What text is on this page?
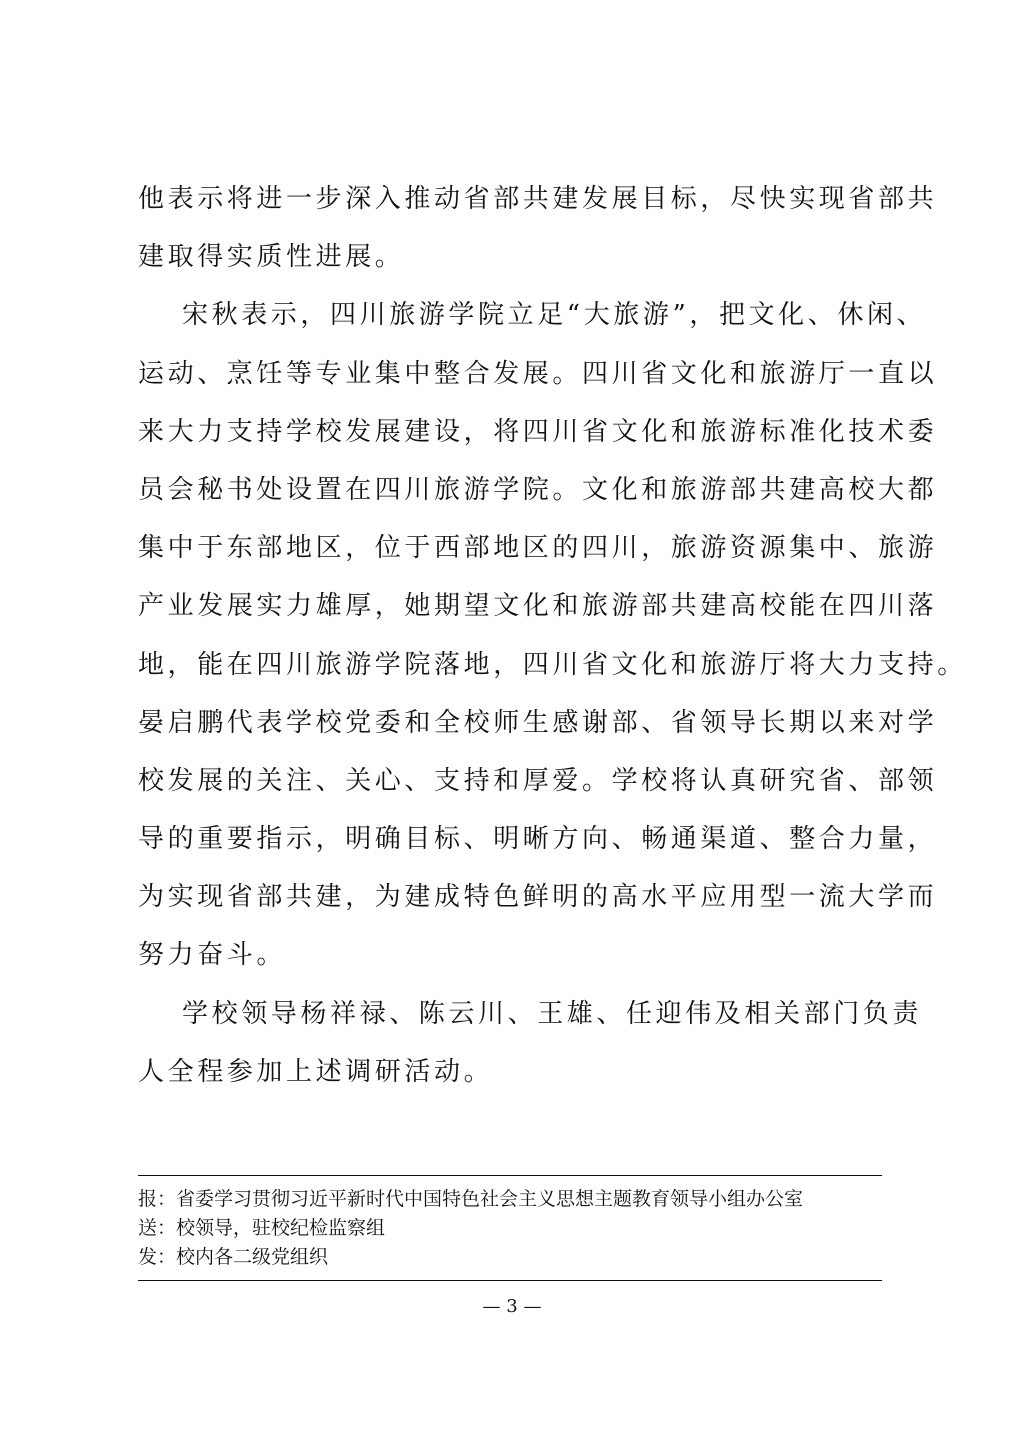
他表示将进一步深入推动省部共建发展目标，尽快实现省部共
建取得实质性进展。
宋秋表示，四川旅游学院立足“大旅游”，把文化、休闲、
运动、烹饪等专业集中整合发展。四川省文化和旅游厅一直以
来大力支持学校发展建设，将四川省文化和旅游标准化技术委
员会秘书处设置在四川旅游学院。文化和旅游部共建高校大都
集中于东部地区，位于西部地区的四川，旅游资源集中、旅游
产业发展实力雄厚，她期望文化和旅游部共建高校能在四川落
地，能在四川旅游学院落地，四川省文化和旅游厅将大力支持。
晏启鹏代表学校党委和全校师生感谢部、省领导长期以来对学
校发展的关注、关心、支持和厚爱。学校将认真研究省、部领
导的重要指示，明确目标、明晰方向、畅通渠道、整合力量，
为实现省部共建，为建成特色鲜明的高水平应用型一流大学而
努力奋斗。
学校领导杨祥禄、陈云川、王雄、任迎伟及相关部门负责
人全程参加上述调研活动。
报：省委学习贯彻习近平新时代中国特色社会主义思想主题教育领导小组办公室
送：校领导，驻校纪检监察组
发：校内各二级党组织
— 3 —
